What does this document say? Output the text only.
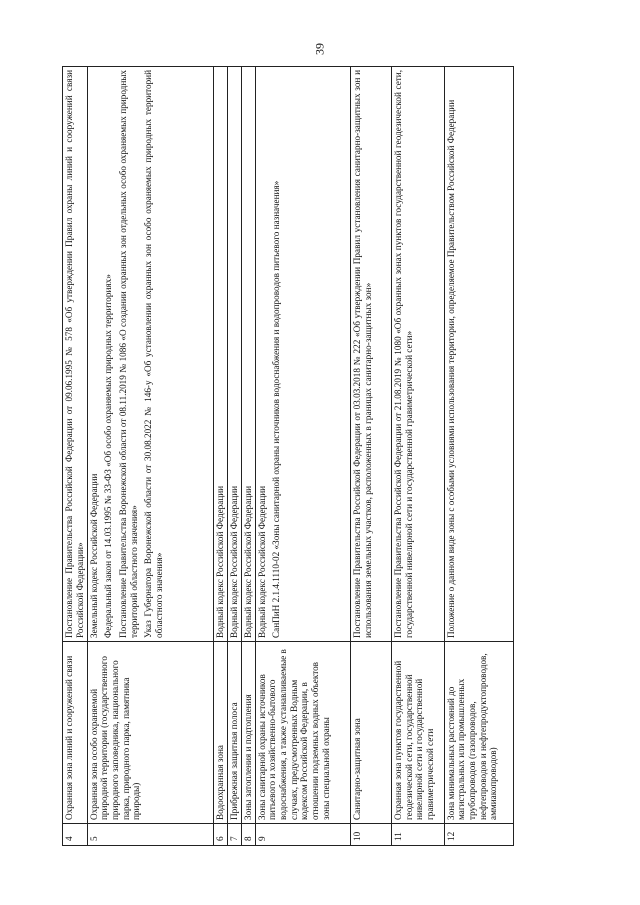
39
4	Охранная зона линий и сооружений связи	Постановление Правительства Российской Федерации от 09.06.1995 № 578 «Об утверждении Правил охраны линий и сооружений связи Российской Федерации»

5	Охранная зона особо охраняемой природной территории (государственного природного заповедника, национального парка, природного парка, памятника природы)	Земельный кодекс Российской Федерации Федеральный закон от 14.03.1995 № 33-ФЗ «Об особо охраняемых природных территориях» Постановление Правительства Воронежской области от 08.11.2019 № 1086 «О создании охранных зон отдельных особо охраняемых природных территорий областного значения» Указ Губернатора Воронежской области от 30.08.2022 № 146-у «Об установлении охранных зон особо охраняемых природных территорий областного значения»

6	Водоохранная зона	Водный кодекс Российской Федерации

7	Прибрежная защитная полоса	Водный кодекс Российской Федерации

8	Зоны затопления и подтопления	Водный кодекс Российской Федерации

9	Зоны санитарной охраны источников питьевого и хозяйственно-бытового водоснабжения, а также устанавливаемые в случаях, предусмотренных Водным кодексом Российской Федерации, в отношении подземных водных объектов зоны специальной охраны	Водный кодекс Российской Федерации СанПиН 2.1.4.1110-02 «Зоны санитарной охраны источников водоснабжения и водопроводов питьевого назначения»

10	Санитарно-защитная зона	Постановление Правительства Российской Федерации от 03.03.2018 № 222 «Об утверждении Правил установления санитарно-защитных зон и использования земельных участков, расположенных в границах санитарно-защитных зон»

11	Охранная зона пунктов государственной геодезической сети, государственной нивелирной сети и государственной гравиметрической сети	Постановление Правительства Российской Федерации от 21.08.2019 № 1080 «Об охранных зонах пунктов государственной геодезической сети, государственной нивелирной сети и государственной гравиметрической сети»

12	Зона минимальных расстояний до магистральных или промышленных трубопроводов (газопроводов, нефтепроводов и нефтепродуктопроводов, аммиакопроводов)	Положение о данном виде зоны с особыми условиями использования территории, определяемое Правительством Российской Федерации
